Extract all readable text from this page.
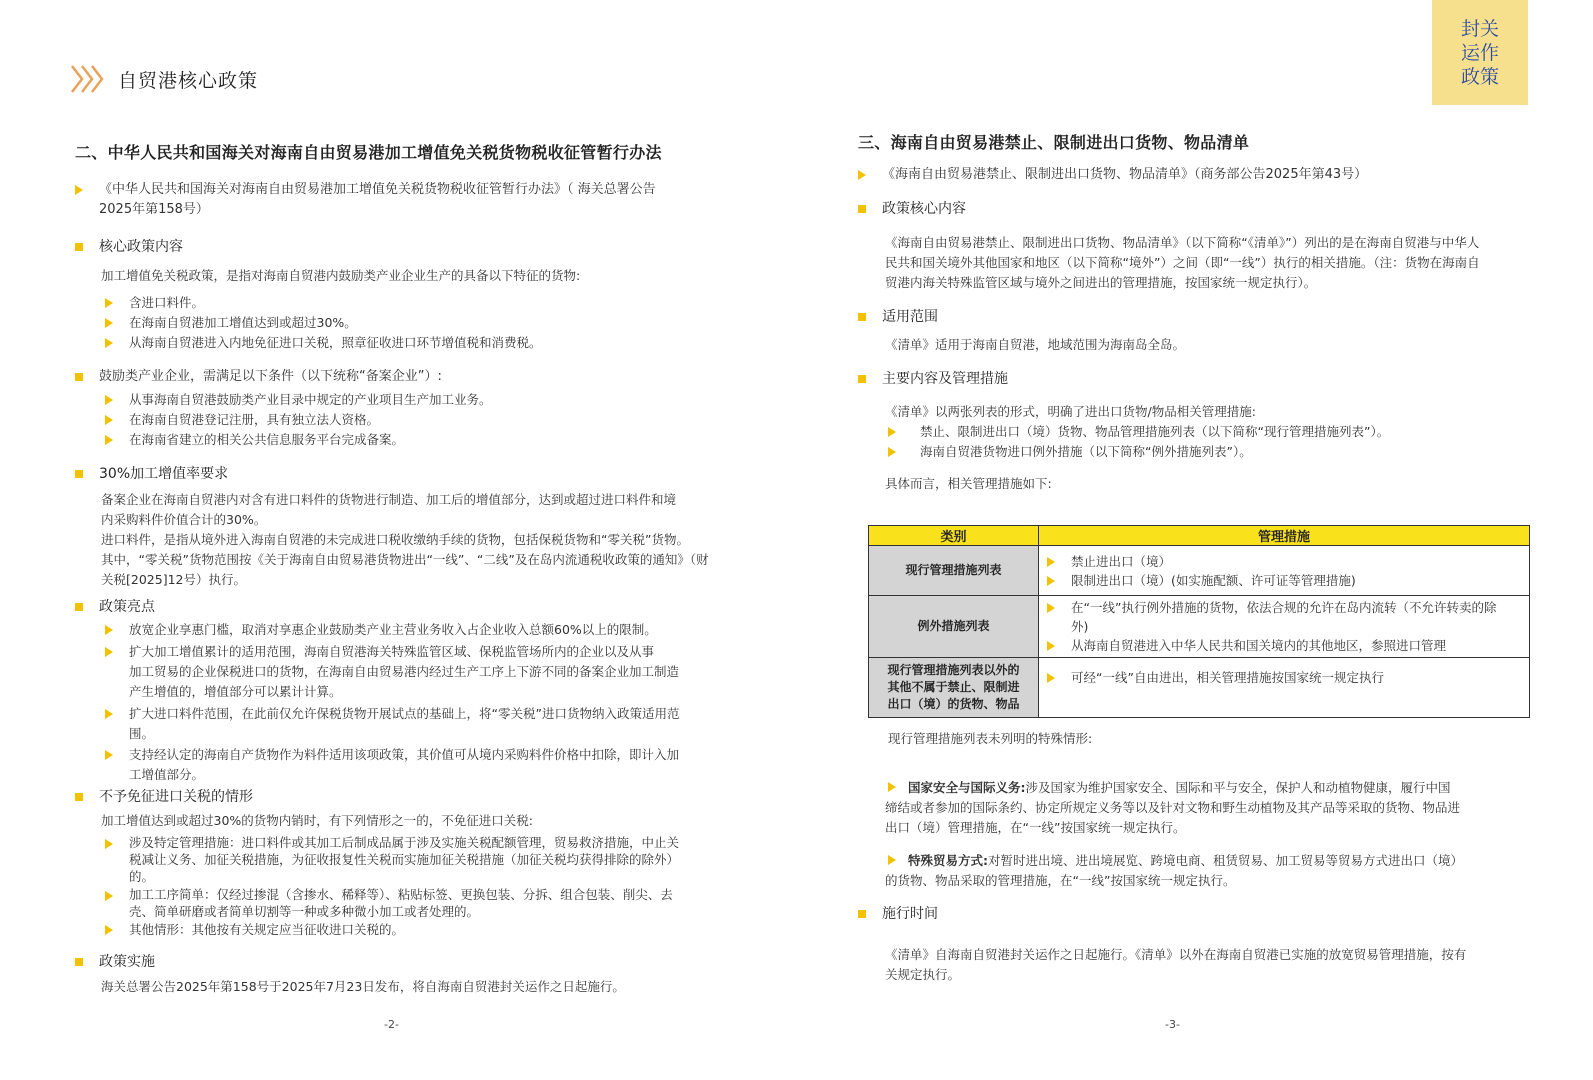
自贸港核心政策
封关
运作
政策
二、中华人民共和国海关对海南自由贸易港加工增值免关税货物税收征管暂行办法
《中华人民共和国海关对海南自由贸易港加工增值免关税货物税收征管暂行办法》（ 海关总署公告
2025年第158号）
核心政策内容
加工增值免关税政策，是指对海南自贸港内鼓励类产业企业生产的具备以下特征的货物:
含进口料件。
在海南自贸港加工增值达到或超过30%。
从海南自贸港进入内地免征进口关税，照章征收进口环节增值税和消费税。
鼓励类产业企业，需满足以下条件（以下统称“备案企业”）:
从事海南自贸港鼓励类产业目录中规定的产业项目生产加工业务。
在海南自贸港登记注册，具有独立法人资格。
在海南省建立的相关公共信息服务平台完成备案。
30%加工增值率要求
备案企业在海南自贸港内对含有进口料件的货物进行制造、加工后的增值部分，达到或超过进口料件和境
内采购料件价值合计的30%。
进口料件，是指从境外进入海南自贸港的未完成进口税收缴纳手续的货物，包括保税货物和“零关税”货物。
其中，“零关税”货物范围按《关于海南自由贸易港货物进出“一线”、“二线”及在岛内流通税收政策的通知》（财
关税[2025]12号）执行。
政策亮点
放宽企业享惠门槛，取消对享惠企业鼓励类产业主营业务收入占企业收入总额60%以上的限制。
扩大加工增值累计的适用范围，海南自贸港海关特殊监管区域、保税监管场所内的企业以及从事
加工贸易的企业保税进口的货物，在海南自由贸易港内经过生产工序上下游不同的备案企业加工制造
产生增值的，增值部分可以累计计算。
扩大进口料件范围，在此前仅允许保税货物开展试点的基础上，将“零关税”进口货物纳入政策适用范
围。
支持经认定的海南自产货物作为料件适用该项政策，其价值可从境内采购料件价格中扣除，即计入加
工增值部分。
不予免征进口关税的情形
加工增值达到或超过30%的货物内销时，有下列情形之一的，不免征进口关税:
涉及特定管理措施：进口料件或其加工后制成品属于涉及实施关税配额管理，贸易救济措施，中止关
税减让义务、加征关税措施，为征收报复性关税而实施加征关税措施（加征关税均获得排除的除外）
的。
加工工序简单：仅经过掺混（含掺水、稀释等）、粘贴标签、更换包装、分拆、组合包装、削尖、去
壳、简单研磨或者简单切割等一种或多种微小加工或者处理的。
其他情形：其他按有关规定应当征收进口关税的。
政策实施
海关总署公告2025年第158号于2025年7月23日发布，将自海南自贸港封关运作之日起施行。
-2-
三、海南自由贸易港禁止、限制进出口货物、物品清单
《海南自由贸易港禁止、限制进出口货物、物品清单》（商务部公告2025年第43号）
政策核心内容
《海南自由贸易港禁止、限制进出口货物、物品清单》（以下简称“《清单》”）列出的是在海南自贸港与中华人
民共和国关境外其他国家和地区（以下简称“境外”）之间（即“一线”）执行的相关措施。（注：货物在海南自
贸港内海关特殊监管区域与境外之间进出的管理措施，按国家统一规定执行）。
适用范围
《清单》适用于海南自贸港，地域范围为海南岛全岛。
主要内容及管理措施
《清单》以两张列表的形式，明确了进出口货物/物品相关管理措施:
禁止、限制进出口（境）货物、物品管理措施列表（以下简称“现行管理措施列表”）。
海南自贸港货物进口例外措施（以下简称“例外措施列表”）。
具体而言，相关管理措施如下:
类别	管理措施
现行管理措施列表	禁止进出口（境）
限制进出口（境）(如实施配额、许可证等管理措施)

例外措施列表	在“一线”执行例外措施的货物，依法合规的允许在岛内流转（不允许转卖的除
外)
从海南自贸港进入中华人民共和国关境内的其他地区，参照进口管理

现行管理措施列表以外的
其他不属于禁止、限制进
出口（境）的货物、物品	可经“一线”自由进出，相关管理措施按国家统一规定执行
现行管理措施列表未列明的特殊情形:
国家安全与国际义务:涉及国家为维护国家安全、国际和平与安全，保护人和动植物健康，履行中国
缔结或者参加的国际条约、协定所规定义务等以及针对文物和野生动植物及其产品等采取的货物、物品进
出口（境）管理措施，在“一线”按国家统一规定执行。
特殊贸易方式:对暂时进出境、进出境展览、跨境电商、租赁贸易、加工贸易等贸易方式进出口（境）
的货物、物品采取的管理措施，在“一线”按国家统一规定执行。
施行时间
《清单》自海南自贸港封关运作之日起施行。《清单》以外在海南自贸港已实施的放宽贸易管理措施，按有
关规定执行。
-3-
